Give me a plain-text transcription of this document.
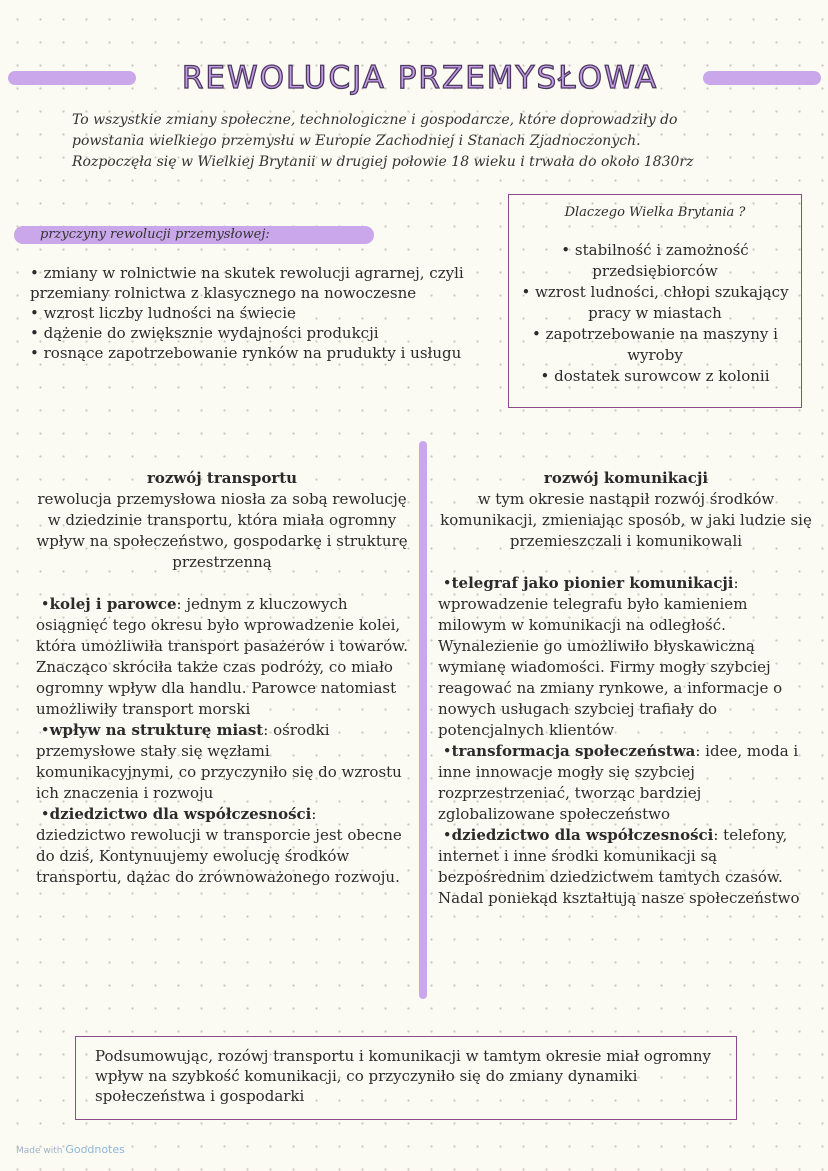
REWOLUCJA PRZEMYSŁOWA
To wszystkie zmiany społeczne, technologiczne i gospodarcze, które doprowadziły do
powstania wielkiego przemysłu w Europie Zachodniej i Stanach Zjadnoczonych.
Rozpoczęła się w Wielkiej Brytanii w drugiej połowie 18 wieku i trwała do około 1830rz
przyczyny rewolucji przemysłowej:
• zmiany w rolnictwie na skutek rewolucji agrarnej, czyli przemiany rolnictwa z klasycznego na nowoczesne
• wzrost liczby ludności na świecie
• dążenie do zwiększnie wydajności produkcji
• rosnące zapotrzebowanie rynków na prudukty i usługu
Dlaczego Wielka Brytania ?
• stabilność i zamożność przedsiębiorców
• wzrost ludności, chłopi szukający pracy w miastach
• zapotrzebowanie na maszyny i wyroby
• dostatek surowcow z kolonii
rozwój transportu
rewolucja przemysłowa niosła za sobą rewolucję w dziedzinie transportu, która miała ogromny wpływ na społeczeństwo, gospodarkę i strukturę przestrzenną
•kolej i parowce: jednym z kluczowych osiągnięć tego okresu było wprowadzenie kolei, która umożliwiła transport pasażerów i towarów. Znacząco skróciła także czas podróży, co miało ogromny wpływ dla handlu. Parowce natomiast umożliwiły transport morski
•wpływ na strukturę miast: ośrodki przemysłowe stały się węzłami komunikacyjnymi, co przyczyniło się do wzrostu ich znaczenia i rozwoju
•dziedzictwo dla współczesności: dziedzictwo rewolucji w transporcie jest obecne do dziś, Kontynuujemy ewolucję środków transportu, dążac do zrównoważonego rozwoju.
rozwój komunikacji
w tym okresie nastąpił rozwój środków komunikacji, zmieniając sposób, w jaki ludzie się przemieszczali i komunikowali
•telegraf jako pionier komunikacji: wprowadzenie telegrafu było kamieniem milowym w komunikacji na odległość. Wynalezienie go umożliwiło błyskawiczną wymianę wiadomości. Firmy mogły szybciej reagować na zmiany rynkowe, a informacje o nowych usługach szybciej trafiały do potencjalnych klientów
•transformacja społeczeństwa: idee, moda i inne innowacje mogły się szybciej rozprzestrzeniać, tworząc bardziej zglobalizowane społeczeństwo
•dziedzictwo dla współczesności: telefony, internet i inne środki komunikacji są bezpośrednim dziedzictwem tamtych czasów. Nadal poniekąd kształtują nasze społeczeństwo
Podsumowując, rozówj transportu i komunikacji w tamtym okresie miał ogromny wpływ na szybkość komunikacji, co przyczyniło się do zmiany dynamiki społeczeństwa i gospodarki
Made with Goodnotes
